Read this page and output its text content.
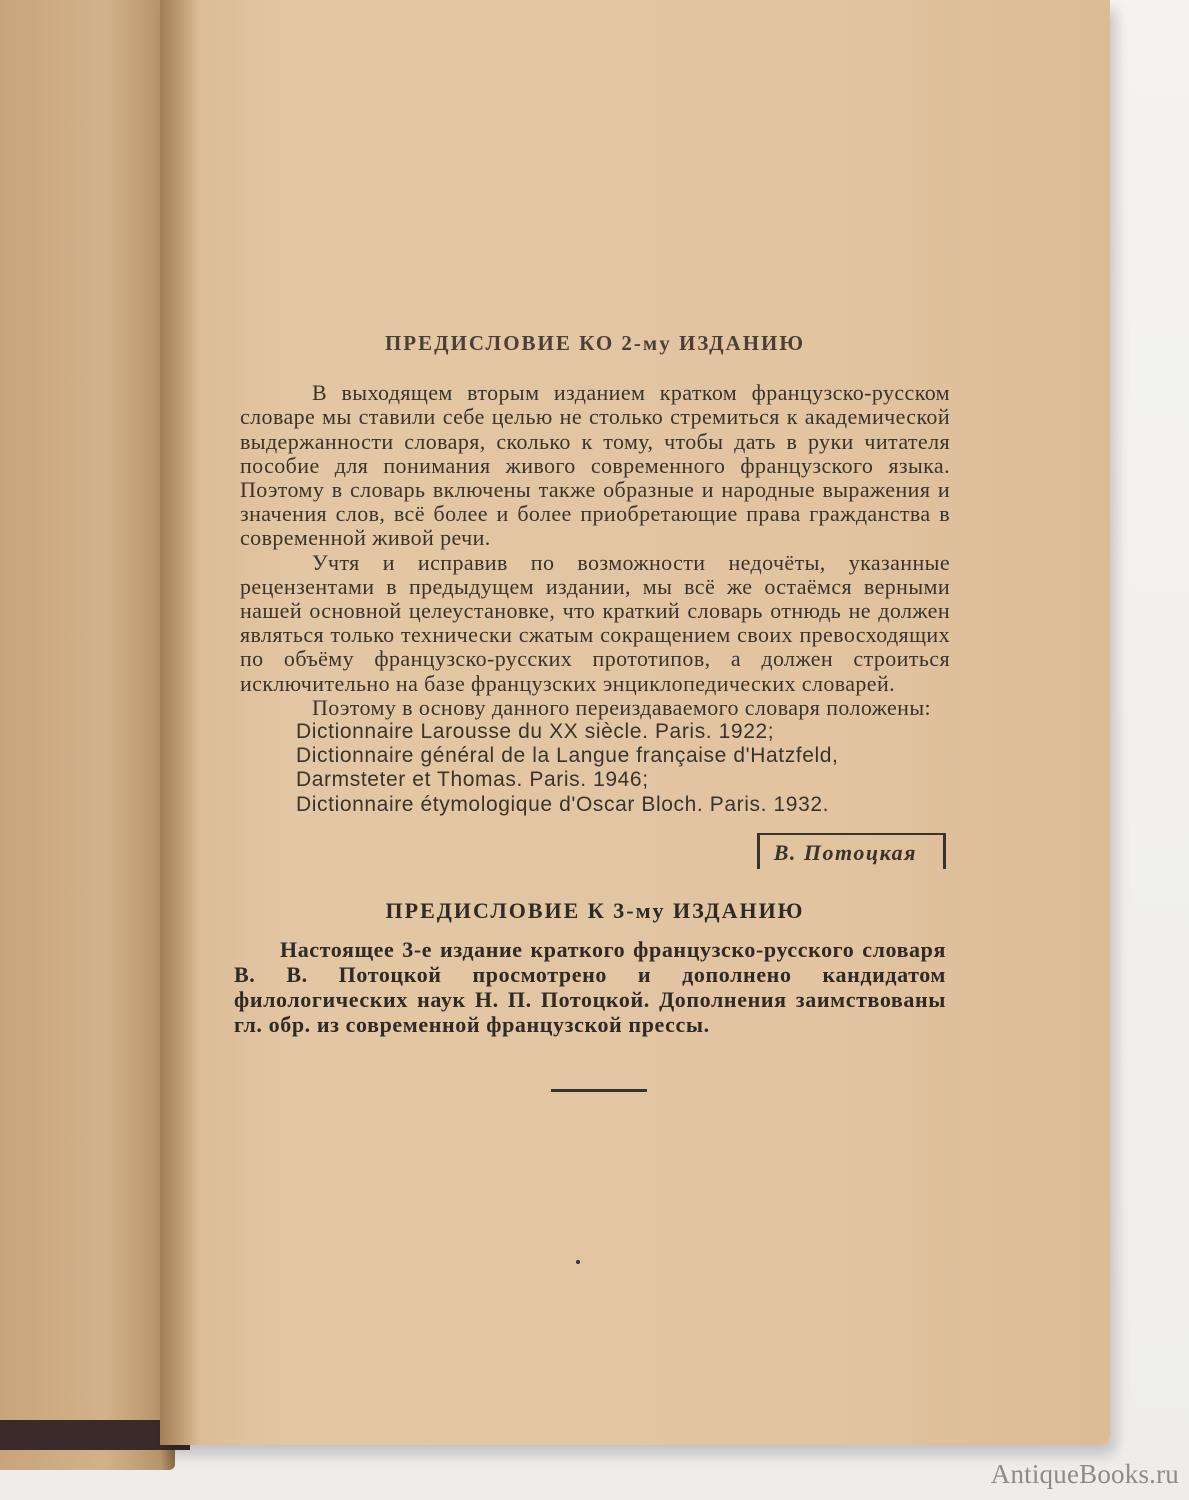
ПРЕДИСЛОВИЕ КО 2-му ИЗДАНИЮ

В выходящем вторым изданием кратком французско-русском словаре мы ставили себе целью не столько стремиться к академической выдержанности словаря, сколько к тому, чтобы дать в руки читателя пособие для понимания живого современного французского языка. Поэтому в словарь включены также образные и народные выражения и значения слов, всё более и более приобретающие права гражданства в современной живой речи.

Учтя и исправив по возможности недочёты, указанные рецензентами в предыдущем издании, мы всё же остаёмся верными нашей основной целеустановке, что краткий словарь отнюдь не должен являться только технически сжатым сокращением своих превосходящих по объёму французско-русских прототипов, а должен строиться исключительно на базе французских энциклопедических словарей.

Поэтому в основу данного переиздаваемого словаря положены:

Dictionnaire Larousse du XX siècle. Paris. 1922;
Dictionnaire général de la Langue française d'Hatzfeld, Darmsteter et Thomas. Paris. 1946;
Dictionnaire étymologique d'Oscar Bloch. Paris. 1932.
В. Потоцкая
ПРЕДИСЛОВИЕ К 3-му ИЗДАНИЮ

Настоящее 3-е издание краткого французско-русского словаря В. В. Потоцкой просмотрено и дополнено кандидатом филологических наук Н. П. Потоцкой. Дополнения заимствованы гл. обр. из современной французской прессы.

AntiqueBooks.ru
